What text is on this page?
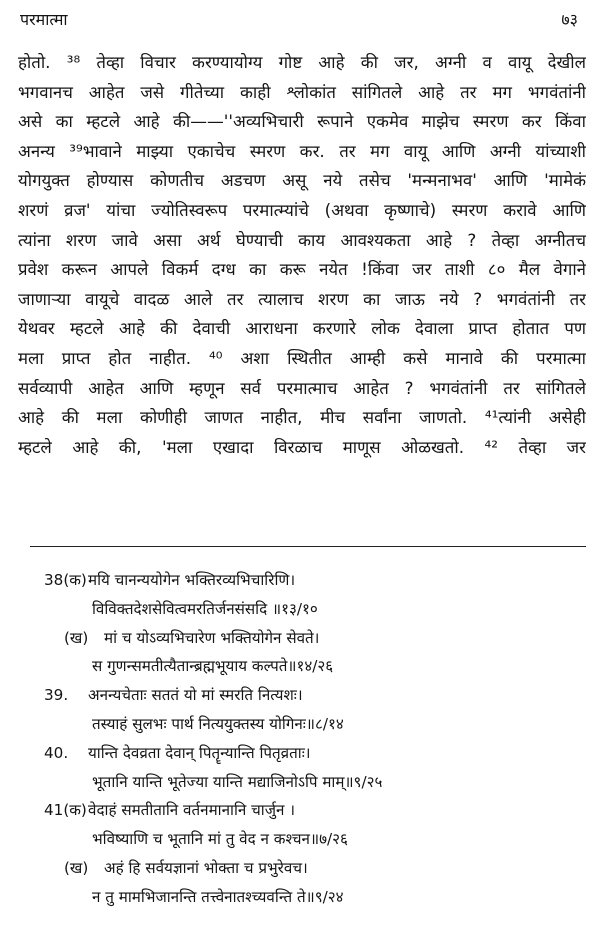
परमात्मा	७३
होतो. ³⁸ तेव्हा विचार करण्यायोग्य गोष्ट आहे की जर, अग्नी व वायू देखील
भगवानच आहेत जसे गीतेच्या काही श्लोकांत सांगितले आहे तर मग भगवंतांनी
असे का म्हटले आहे की——''अव्यभिचारी रूपाने एकमेव माझेच स्मरण कर किंवा
अनन्य ³⁹भावाने माझ्या एकाचेच स्मरण कर. तर मग वायू आणि अग्नी यांच्याशी
योगयुक्त होण्यास कोणतीच अडचण असू नये तसेच 'मन्मनाभव' आणि 'मामेकं
शरणं व्रज' यांचा ज्योतिस्वरूप परमात्म्यांचे (अथवा कृष्णाचे) स्मरण करावे आणि
त्यांना शरण जावे असा अर्थ घेण्याची काय आवश्यकता आहे ? तेव्हा अग्नीतच
प्रवेश करून आपले विकर्म दग्ध का करू नयेत !किंवा जर ताशी ८० मैल वेगाने
जाणाऱ्या वायूचे वादळ आले तर त्यालाच शरण का जाऊ नये ? भगवंतांनी तर
येथवर म्हटले आहे की देवाची आराधना करणारे लोक देवाला प्राप्त होतात पण
मला प्राप्त होत नाहीत. ⁴⁰ अशा स्थितीत आम्ही कसे मानावे की परमात्मा
सर्वव्यापी आहेत आणि म्हणून सर्व परमात्माच आहेत ? भगवंतांनी तर सांगितले
आहे की मला कोणीही जाणत नाहीत, मीच सर्वांना जाणतो. ⁴¹त्यांनी असेही
म्हटले आहे की, 'मला एखादा विरळाच माणूस ओळखतो. ⁴² तेव्हा जर
38(क)मयि चानन्ययोगेन भक्तिरव्यभिचारिणि।
विविक्तदेशसेवित्वमरतिर्जनसंसदि ॥१३/१०
(ख) मां च योऽव्यभिचारेण भक्तियोगेन सेवते।
स गुणन्समतीत्यैतान्ब्रह्मभूयाय कल्पते॥१४/२६
39. अनन्यचेताः सततं यो मां स्मरति नित्यशः।
तस्याहं सुलभः पार्थ नित्ययुक्तस्य योगिनः॥८/१४
40. यान्ति देवव्रता देवान् पितॄन्यान्ति पितृव्रताः।
भूतानि यान्ति भूतेज्या यान्ति मद्याजिनोऽपि माम्॥९/२५
41(क)वेदाहं समतीतानि वर्तनमानानि चार्जुन ।
भविष्याणि च भूतानि मां तु वेद न कश्चन॥७/२६
(ख) अहं हि सर्वयज्ञानां भोक्ता च प्रभुरेवच।
न तु मामभिजानन्ति तत्त्वेनातश्च्यवन्ति ते॥९/२४
